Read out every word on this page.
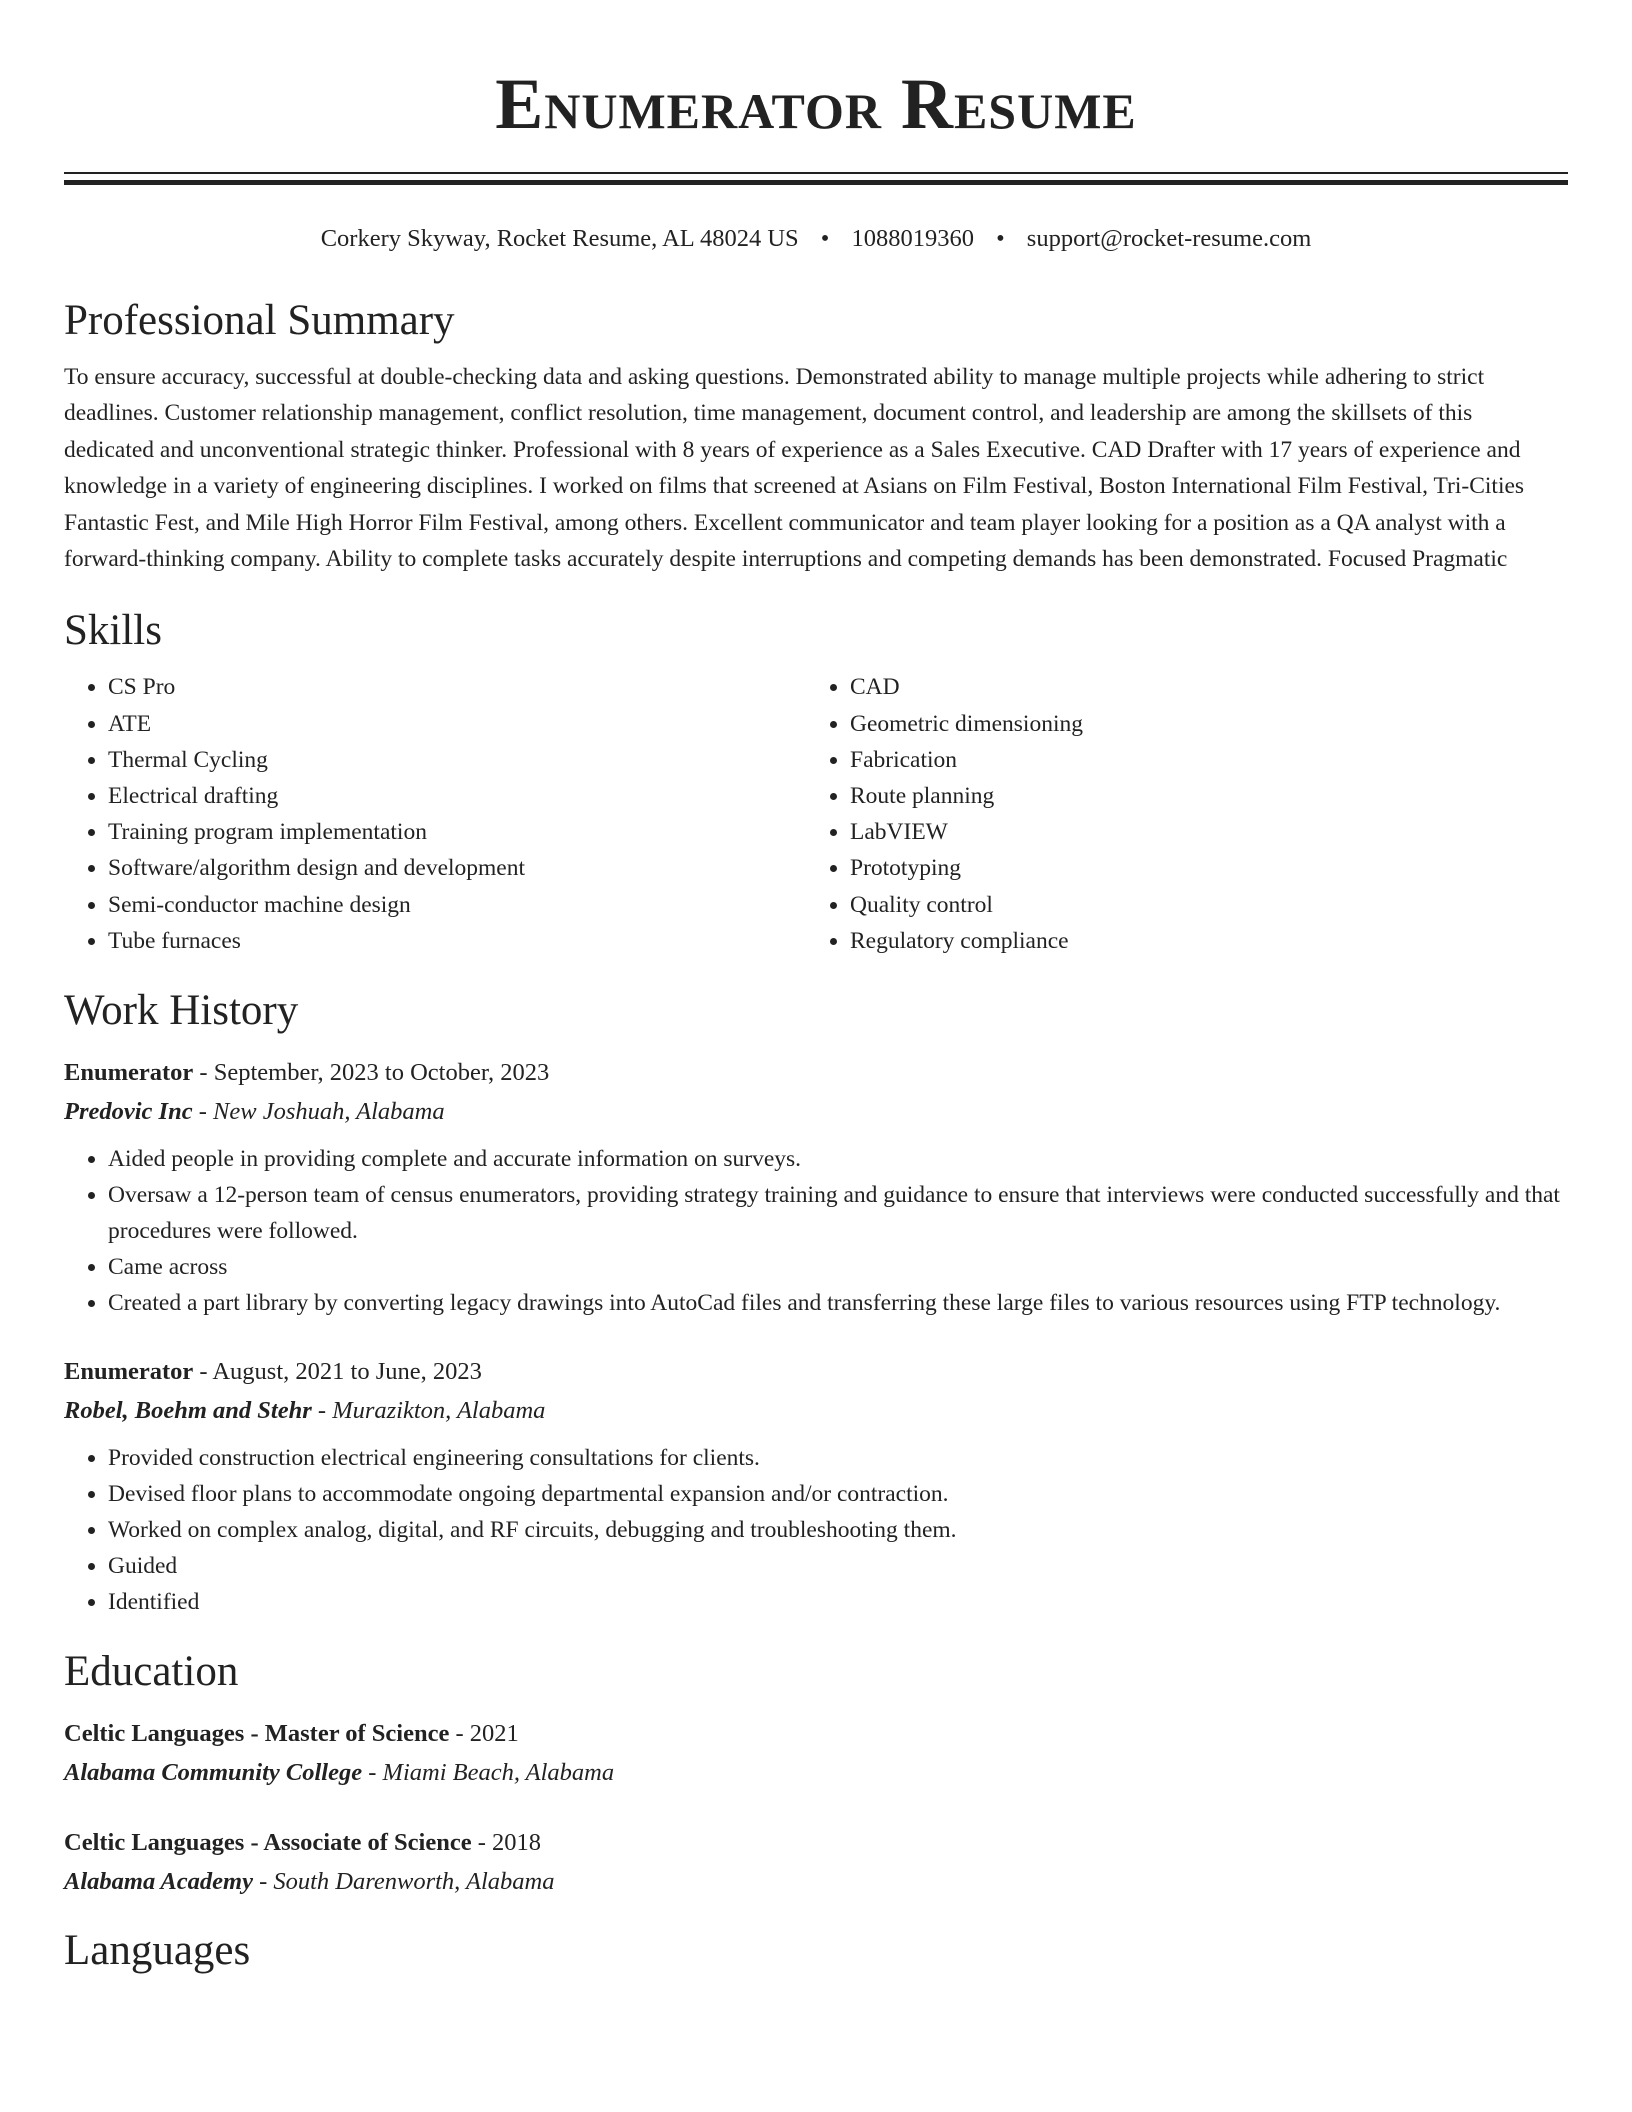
Enumerator Resume
Corkery Skyway, Rocket Resume, AL 48024 US • 1088019360 • support@rocket-resume.com
Professional Summary

To ensure accuracy, successful at double-checking data and asking questions. Demonstrated ability to manage multiple projects while adhering to strict deadlines. Customer relationship management, conflict resolution, time management, document control, and leadership are among the skillsets of this dedicated and unconventional strategic thinker. Professional with 8 years of experience as a Sales Executive. CAD Drafter with 17 years of experience and knowledge in a variety of engineering disciplines. I worked on films that screened at Asians on Film Festival, Boston International Film Festival, Tri-Cities Fantastic Fest, and Mile High Horror Film Festival, among others. Excellent communicator and team player looking for a position as a QA analyst with a forward-thinking company. Ability to complete tasks accurately despite interruptions and competing demands has been demonstrated. Focused Pragmatic

Skills
• CS Pro
• ATE
• Thermal Cycling
• Electrical drafting
• Training program implementation
• Software/algorithm design and development
• Semi-conductor machine design
• Tube furnaces
• CAD
• Geometric dimensioning
• Fabrication
• Route planning
• LabVIEW
• Prototyping
• Quality control
• Regulatory compliance
Work History
Enumerator - September, 2023 to October, 2023
Predovic Inc - New Joshuah, Alabama
• Aided people in providing complete and accurate information on surveys.
• Oversaw a 12-person team of census enumerators, providing strategy training and guidance to ensure that interviews were conducted successfully and that procedures were followed.
• Came across
• Created a part library by converting legacy drawings into AutoCad files and transferring these large files to various resources using FTP technology.
Enumerator - August, 2021 to June, 2023
Robel, Boehm and Stehr - Murazikton, Alabama
• Provided construction electrical engineering consultations for clients.
• Devised floor plans to accommodate ongoing departmental expansion and/or contraction.
• Worked on complex analog, digital, and RF circuits, debugging and troubleshooting them.
• Guided
• Identified
Education
Celtic Languages - Master of Science - 2021
Alabama Community College - Miami Beach, Alabama
Celtic Languages - Associate of Science - 2018
Alabama Academy - South Darenworth, Alabama
Languages
